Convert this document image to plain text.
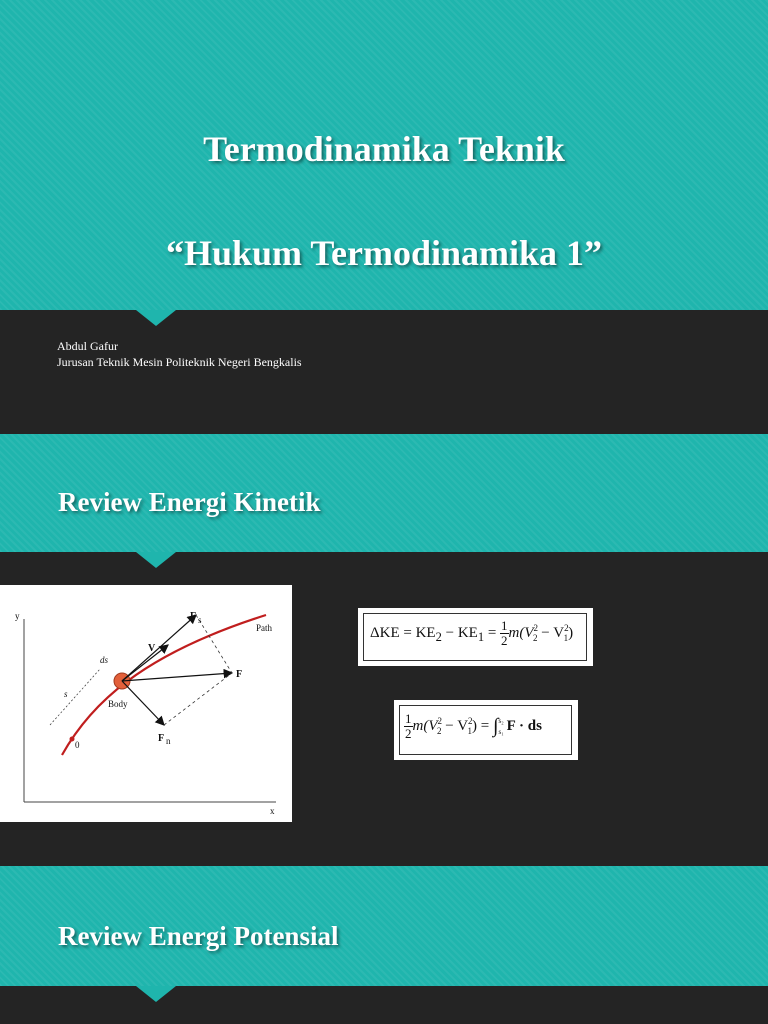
Termodinamika Teknik
“Hukum Termodinamika 1”
Abdul Gafur
Jurusan Teknik Mesin Politeknik Negeri Bengkalis
Review Energi Kinetik
y
x
Path
0
s
ds
Body
V
F s
F
F n
$\Delta KE = KE_2 - KE_1 = \frac{1}{2} m(V^2_2 - V^2_1)$
$\frac{1}{2} m(V^2_2 - V^2_1)$ = ∫ s₂
s₁ F · ds
Review Energi Potensial
